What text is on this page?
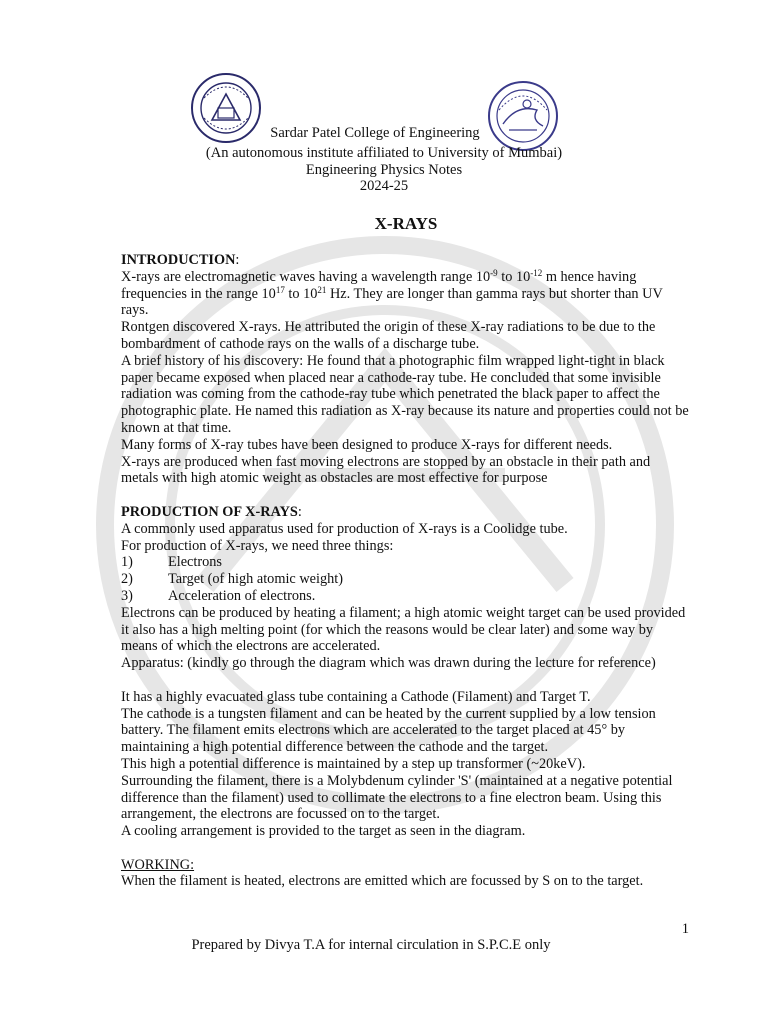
Sardar Patel College of Engineering
(An autonomous institute affiliated to University of Mumbai)
Engineering Physics Notes
2024-25
X-RAYS

INTRODUCTION:

X-rays are electromagnetic waves having a wavelength range $10^{-9}$ to $10^{-12}$ m hence having frequencies in the range $10^{17}$ to $10^{21}$ Hz. They are longer than gamma rays but shorter than UV rays.

Rontgen discovered X-rays. He attributed the origin of these X-ray radiations to be due to the bombardment of cathode rays on the walls of a discharge tube.

A brief history of his discovery: He found that a photographic film wrapped light-tight in black paper became exposed when placed near a cathode-ray tube. He concluded that some invisible radiation was coming from the cathode-ray tube which penetrated the black paper to affect the photographic plate. He named this radiation as X-ray because its nature and properties could not be known at that time.

Many forms of X-ray tubes have been designed to produce X-rays for different needs.

X-rays are produced when fast moving electrons are stopped by an obstacle in their path and metals with high atomic weight as obstacles are most effective for purpose

PRODUCTION OF X-RAYS:

A commonly used apparatus used for production of X-rays is a Coolidge tube.

For production of X-rays, we need three things:

1)	Electrons
2)	Target (of high atomic weight)
3)	Acceleration of electrons.

Electrons can be produced by heating a filament; a high atomic weight target can be used provided it also has a high melting point (for which the reasons would be clear later) and some way by means of which the electrons are accelerated.

Apparatus: (kindly go through the diagram which was drawn during the lecture for reference)

It has a highly evacuated glass tube containing a Cathode (Filament) and Target T.

The cathode is a tungsten filament and can be heated by the current supplied by a low tension battery. The filament emits electrons which are accelerated to the target placed at 45° by maintaining a high potential difference between the cathode and the target.

This high a potential difference is maintained by a step up transformer (~20keV).

Surrounding the filament, there is a Molybdenum cylinder 'S' (maintained at a negative potential difference than the filament) used to collimate the electrons to a fine electron beam. Using this arrangement, the electrons are focussed on to the target.

A cooling arrangement is provided to the target as seen in the diagram.

WORKING:

When the filament is heated, electrons are emitted which are focussed by S on to the target.

1
Prepared by Divya T.A for internal circulation in S.P.C.E only
